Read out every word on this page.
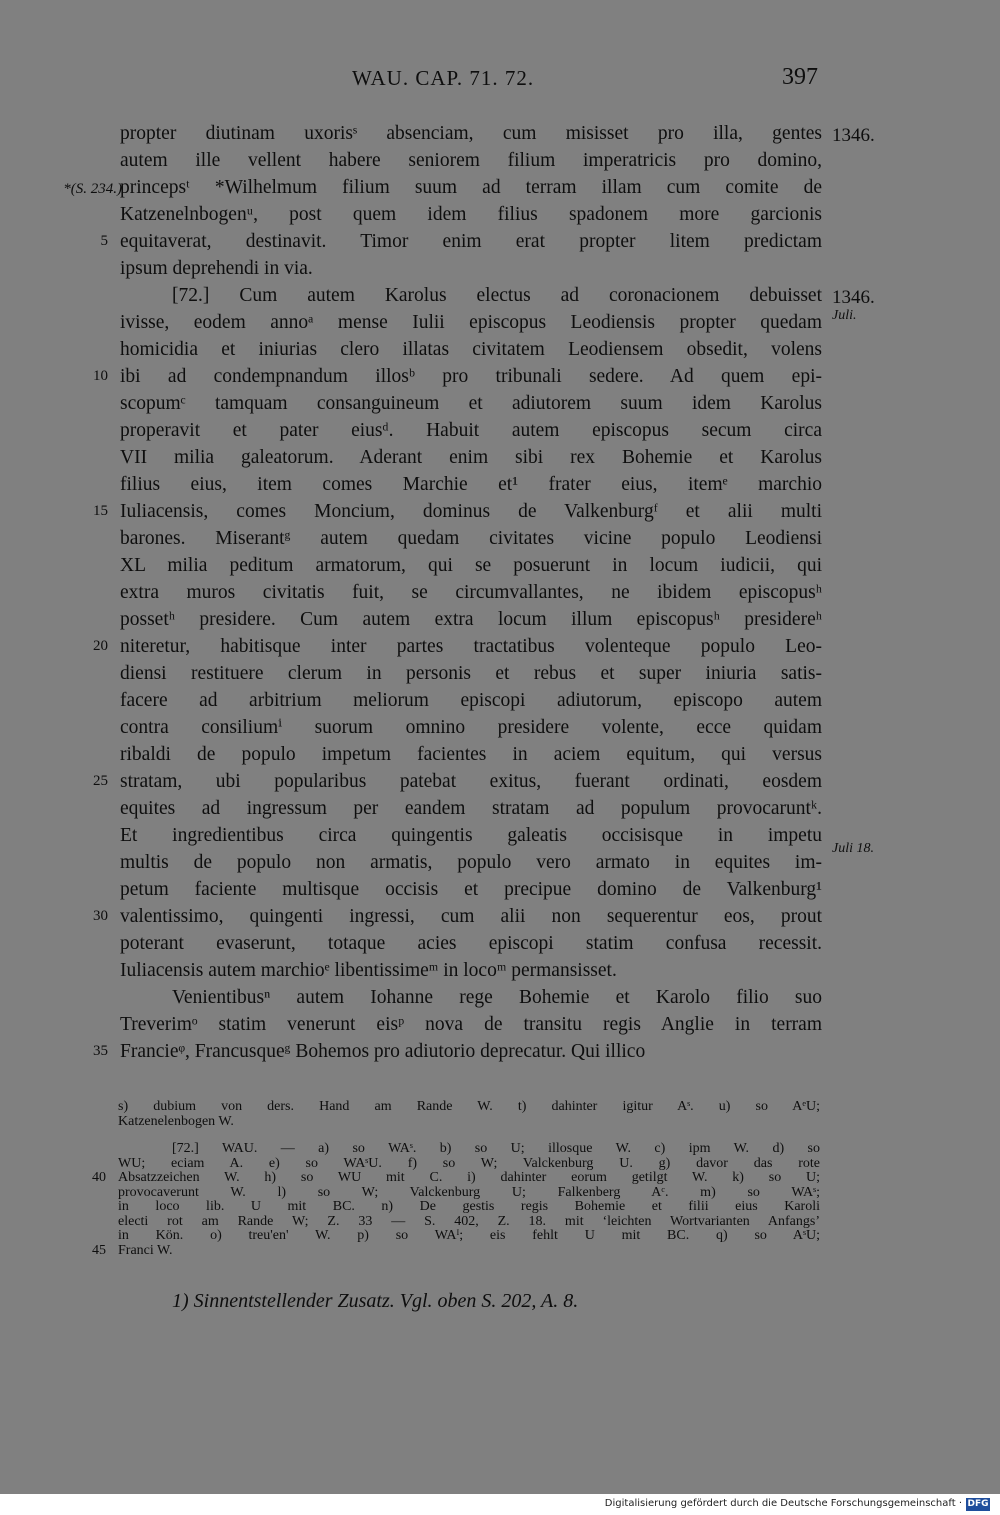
WAU. CAP. 71. 72.	397
propter diutinam uxorisˢ absenciam, cum misisset pro illa, gentes
autem ille vellent habere seniorem filium imperatricis pro domino,
princepsᵗ *Wilhelmum filium suum ad terram illam cum comite de
Katzenelnbogenᵘ, post quem idem filius spadonem more garcionis
equitaverat, destinavit. Timor enim erat propter litem predictam
ipsum deprehendi in via.
[72.] Cum autem Karolus electus ad coronacionem debuisset
ivisse, eodem annoᵃ mense Iulii episcopus Leodiensis propter quedam
homicidia et iniurias clero illatas civitatem Leodiensem obsedit, volens
ibi ad condempnandum illosᵇ pro tribunali sedere. Ad quem epi-
scopumᶜ tamquam consanguineum et adiutorem suum idem Karolus
properavit et pater eiusᵈ. Habuit autem episcopus secum circa
VII milia galeatorum. Aderant enim sibi rex Bohemie et Karolus
filius eius, item comes Marchie et¹ frater eius, itemᵉ marchio
Iuliacensis, comes Moncium, dominus de Valkenburgᶠ et alii multi
barones. Miserantᵍ autem quedam civitates vicine populo Leodiensi
XL milia peditum armatorum, qui se posuerunt in locum iudicii, qui
extra muros civitatis fuit, se circumvallantes, ne ibidem episcopusʰ
possetʰ presidere. Cum autem extra locum illum episcopusʰ presidereʰ
niteretur, habitisque inter partes tractatibus volenteque populo Leo-
diensi restituere clerum in personis et rebus et super iniuria satis-
facere ad arbitrium meliorum episcopi adiutorum, episcopo autem
contra consiliumⁱ suorum omnino presidere volente, ecce quidam
ribaldi de populo impetum facientes in aciem equitum, qui versus
stratam, ubi popularibus patebat exitus, fuerant ordinati, eosdem
equites ad ingressum per eandem stratam ad populum provocaruntᵏ.
Et ingredientibus circa quingentis galeatis occisisque in impetu
multis de populo non armatis, populo vero armato in equites im-
petum faciente multisque occisis et precipue domino de Valkenburg¹
valentissimo, quingenti ingressi, cum alii non sequerentur eos, prout
poterant evaserunt, totaque acies episcopi statim confusa recessit.
Iuliacensis autem marchioᵉ libentissimeᵐ in locoᵐ permansisset.
Venientibusⁿ autem Iohanne rege Bohemie et Karolo filio suo
Treverimᵒ statim venerunt eisᵖ nova de transitu regis Anglie in terram
Francieᵠ, Francusqueᵍ Bohemos pro adiutorio deprecatur. Qui illico
5
10
15
20
25
30
35
*(S. 234.)
1346.
1346.
Juli.
Juli 18.
s) dubium von ders. Hand am Rande W. t) dahinter igitur Aˢ. u) so AᵉU;
Katzenelenbogen W.
[72.] WAU. — a) so WAˢ. b) so U; illosque W. c) ipm W. d) so
WU; eciam A. e) so WAˢU. f) so W; Valckenburg U. g) davor das rote
Absatzzeichen W. h) so WU mit C. i) dahinter eorum getilgt W. k) so U;
provocaverunt W. l) so W; Valckenburg U; Falkenberg Aᶜ. m) so WAˢ;
in loco lib. U mit BC. n) De gestis regis Bohemie et filii eius Karoli
electi rot am Rande W; Z. 33 — S. 402, Z. 18. mit ‘leichten Wortvarianten Anfangs’
in Kön. o) treu'en' W. p) so WAᴵ; eis fehlt U mit BC. q) so AˢU;
Franci W.
40
45
1) Sinnentstellender Zusatz. Vgl. oben S. 202, A. 8.
Digitalisierung gefördert durch die Deutsche Forschungsgemeinschaft · DFG
